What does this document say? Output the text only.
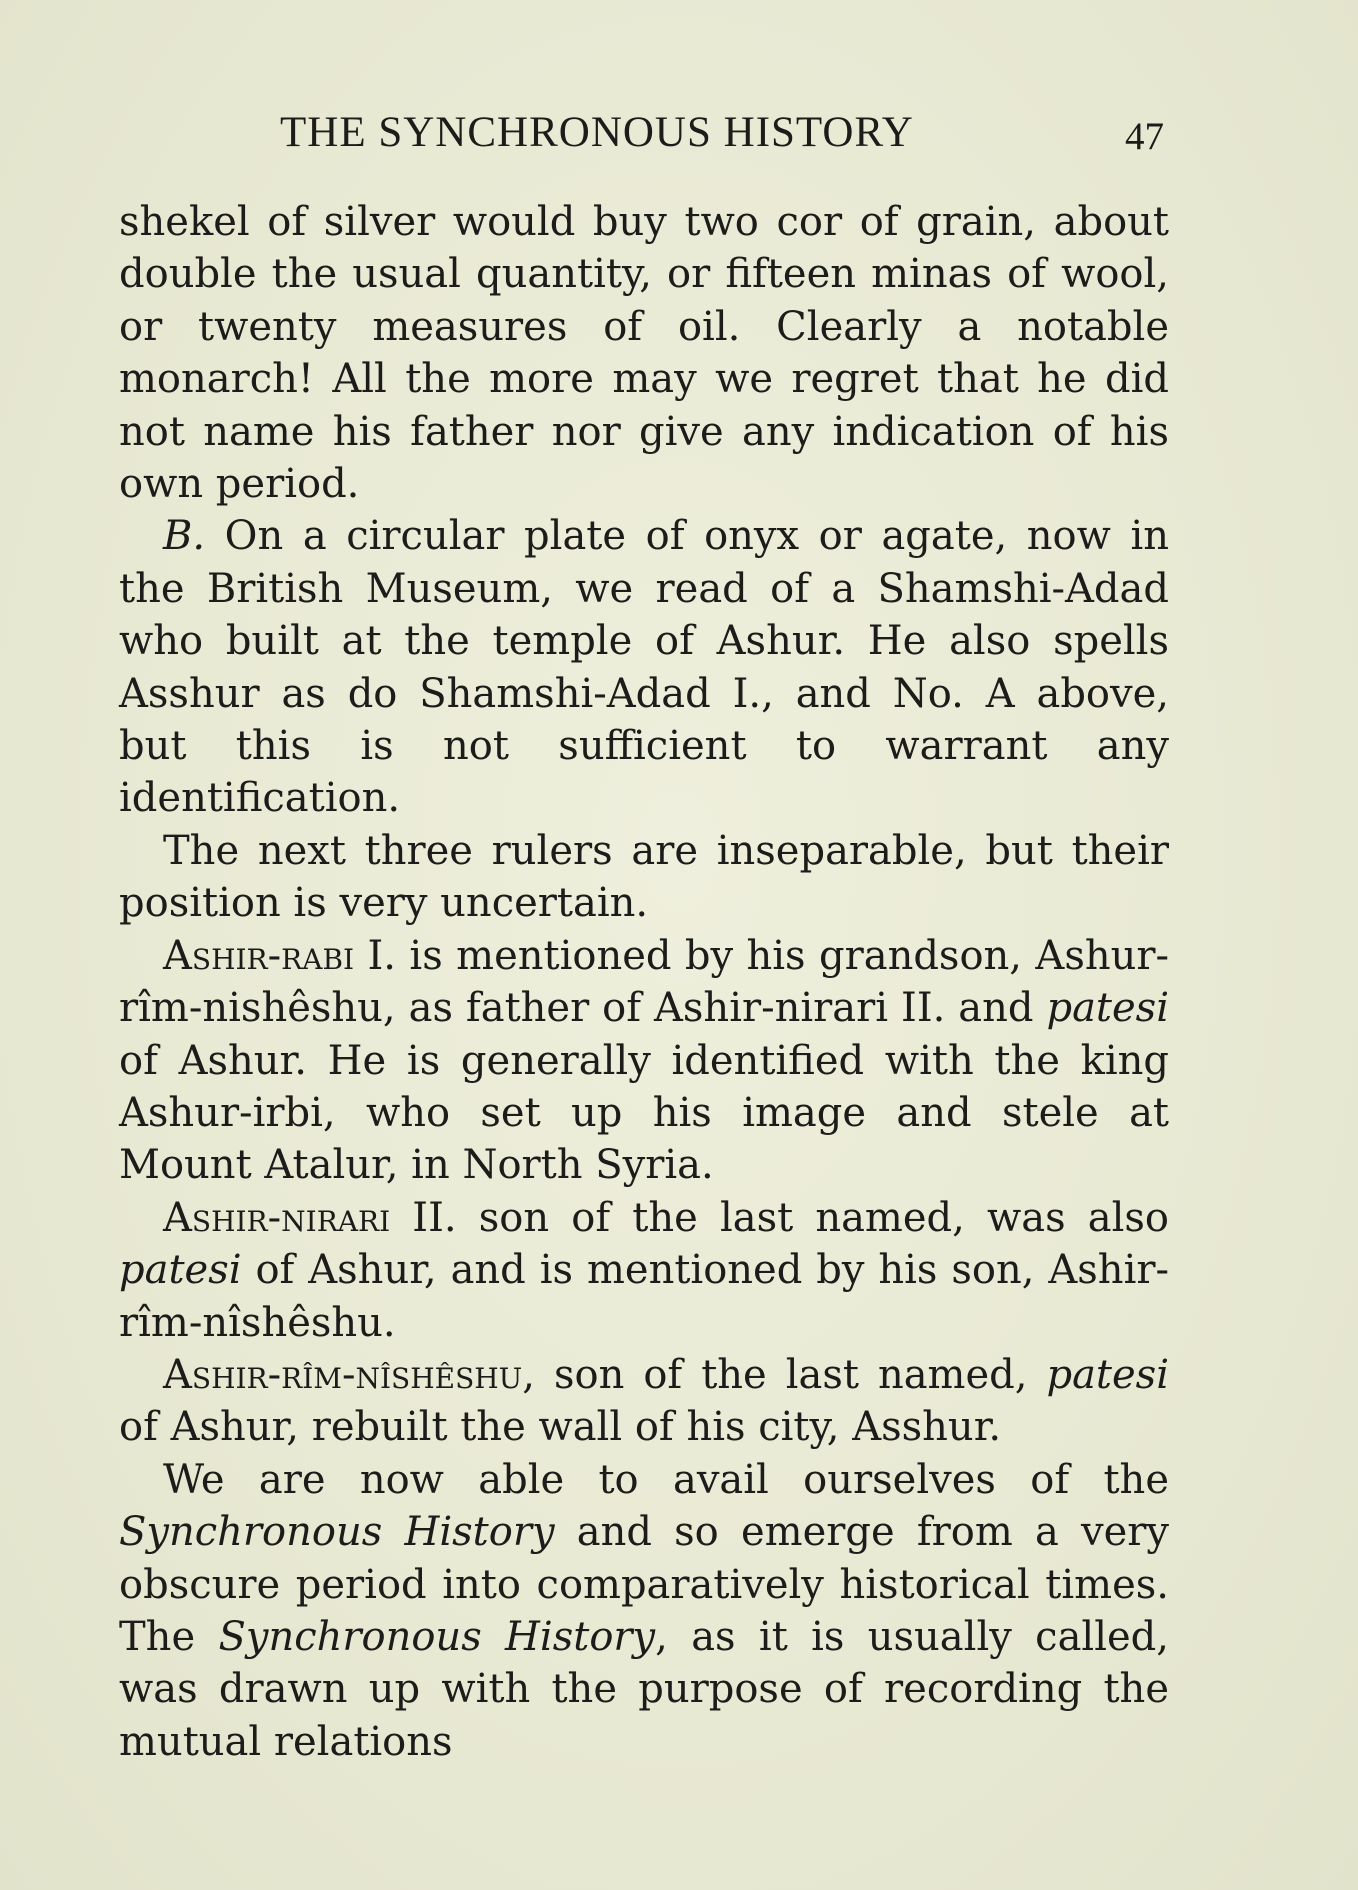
THE SYNCHRONOUS HISTORY	47

shekel of silver would buy two cor of grain, about double the usual quantity, or fifteen minas of wool, or twenty measures of oil. Clearly a notable monarch! All the more may we regret that he did not name his father nor give any indication of his own period.

B. On a circular plate of onyx or agate, now in the British Museum, we read of a Shamshi-Adad who built at the temple of Ashur. He also spells Asshur as do Shamshi-Adad I., and No. A above, but this is not sufficient to warrant any identification.

The next three rulers are inseparable, but their position is very uncertain.

Ashir-rabi I. is mentioned by his grandson, Ashur-rîm-nishêshu, as father of Ashir-nirari II. and patesi of Ashur. He is generally identified with the king Ashur-irbi, who set up his image and stele at Mount Atalur, in North Syria.

Ashir-nirari II. son of the last named, was also patesi of Ashur, and is mentioned by his son, Ashir-rîm-nîshêshu.

Ashir-rîm-nîshêshu, son of the last named, patesi of Ashur, rebuilt the wall of his city, Asshur.

We are now able to avail ourselves of the Synchronous History and so emerge from a very obscure period into comparatively historical times. The Synchronous History, as it is usually called, was drawn up with the purpose of recording the mutual relations
